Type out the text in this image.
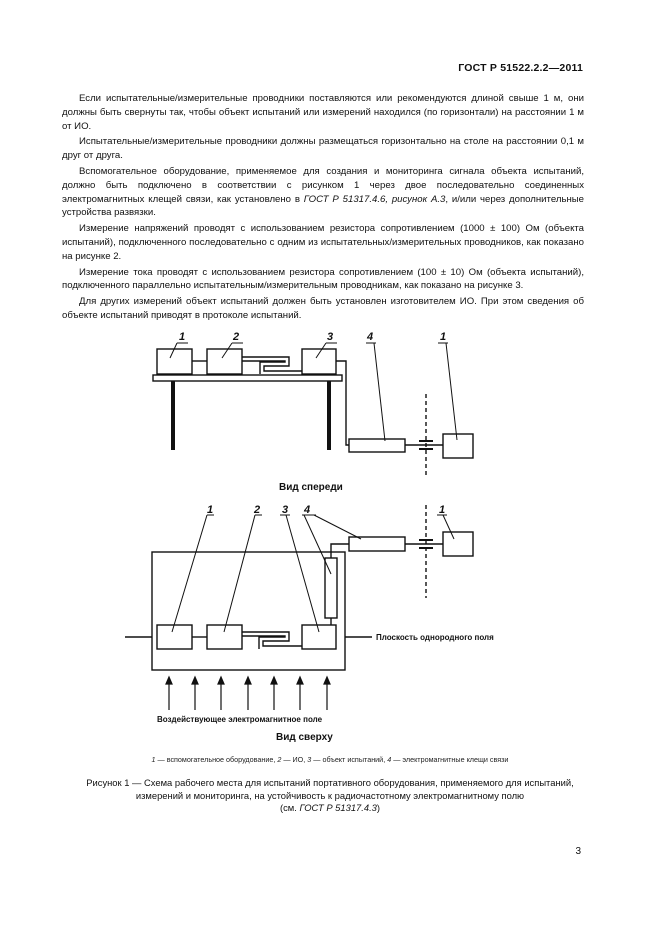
ГОСТ Р 51522.2.2—2011

Если испытательные/измерительные проводники поставляются или рекомендуются длиной свыше 1 м, они должны быть свернуты так, чтобы объект испытаний или измерений находился (по горизонтали) на расстоянии 1 м от ИО.

Испытательные/измерительные проводники должны размещаться горизонтально на столе на расстоянии 0,1 м друг от друга.

Вспомогательное оборудование, применяемое для создания и мониторинга сигнала объекта испытаний, должно быть подключено в соответствии с рисунком 1 через двое последовательно соединенных электромагнитных клещей связи, как установлено в ГОСТ Р 51317.4.6, рисунок А.3, и/или через дополнительные устройства развязки.

Измерение напряжений проводят с использованием резистора сопротивлением (1000 ± 100) Ом (объекта испытаний), подключенного последовательно с одним из испытательных/измерительных проводников, как показано на рисунке 2.

Измерение тока проводят с использованием резистора сопротивлением (100 ± 10) Ом (объекта испытаний), подключенного параллельно испытательным/измерительным проводникам, как показано на рисунке 3.

Для других измерений объект испытаний должен быть установлен изготовителем ИО. При этом сведения об объекте испытаний приводят в протоколе испытаний.

1	2	3	4	1
1	2 3 4	1
Вид спереди
Плоскость однородного поля
Воздействующее электромагнитное поле
Вид сверху
1 — вспомогательное оборудование, 2 — ИО, 3 — объект испытаний, 4 — электромагнитные клещи связи
Рисунок 1 — Схема рабочего места для испытаний портативного оборудования, применяемого для испытаний,
измерений и мониторинга, на устойчивость к радиочастотному электромагнитному полю
(см. ГОСТ Р 51317.4.3)
3
